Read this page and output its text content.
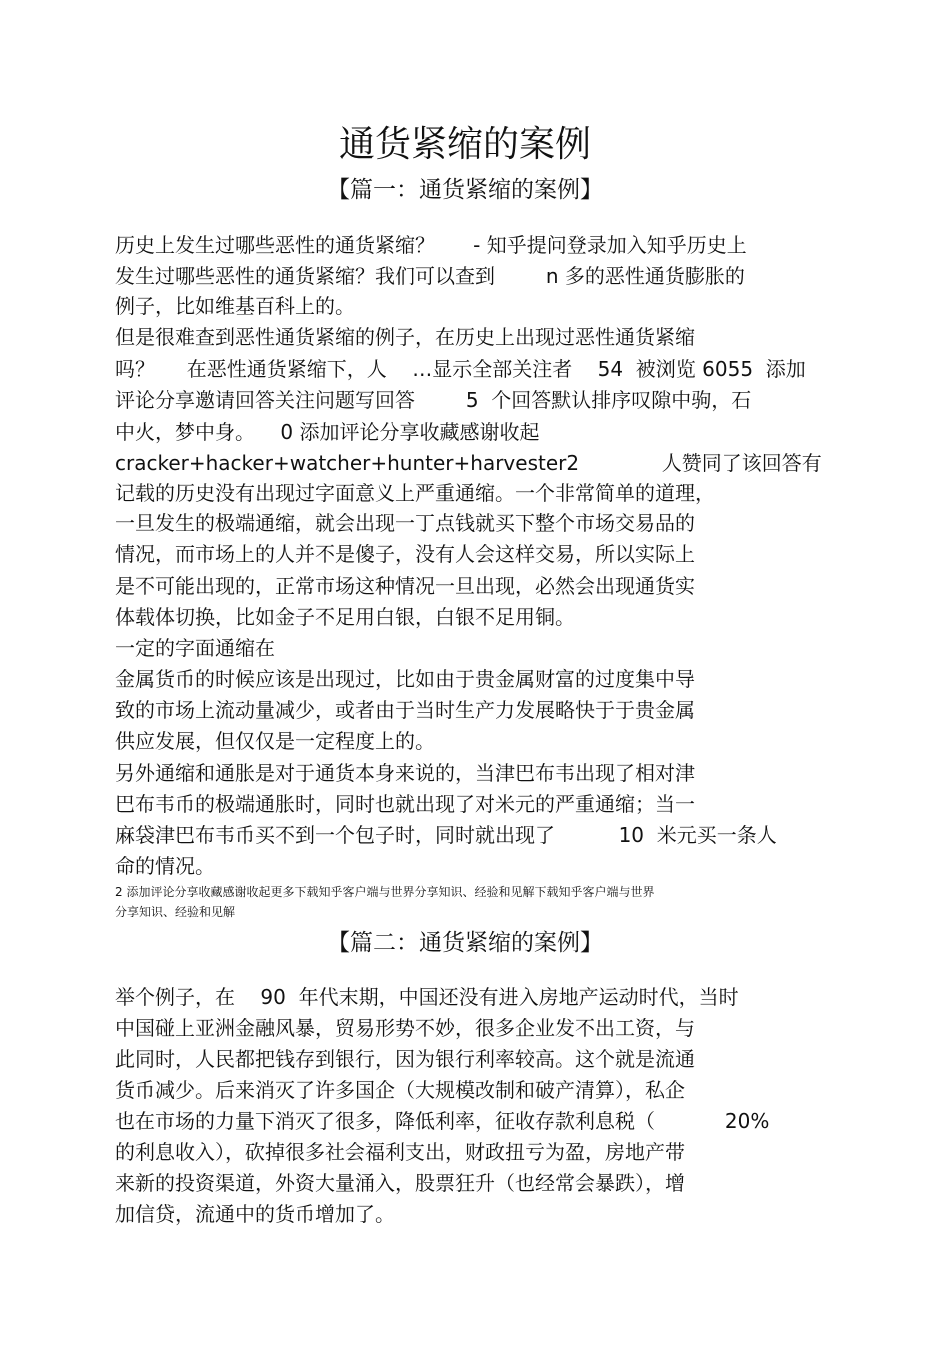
通货紧缩的案例
【篇一：通货紧缩的案例】
历史上发生过哪些恶性的通货紧缩？      - 知乎提问登录加入知乎历史上
发生过哪些恶性的通货紧缩？我们可以查到        n 多的恶性通货膨胀的
例子，比如维基百科上的。
但是很难查到恶性通货紧缩的例子，在历史上出现过恶性通货紧缩
吗？     在恶性通货紧缩下，人    …显示全部关注者    54  被浏览 6055  添加
评论分享邀请回答关注问题写回答        5  个回答默认排序叹隙中驹，石
中火，梦中身。    0 添加评论分享收藏感谢收起
cracker+hacker+watcher+hunter+harvester2             人赞同了该回答有
记载的历史没有出现过字面意义上严重通缩。一个非常简单的道理，
一旦发生的极端通缩，就会出现一丁点钱就买下整个市场交易品的
情况，而市场上的人并不是傻子，没有人会这样交易，所以实际上
是不可能出现的，正常市场这种情况一旦出现，必然会出现通货实
体载体切换，比如金子不足用白银，白银不足用铜。
一定的字面通缩在
金属货币的时候应该是出现过，比如由于贵金属财富的过度集中导
致的市场上流动量减少，或者由于当时生产力发展略快于于贵金属
供应发展，但仅仅是一定程度上的。
另外通缩和通胀是对于通货本身来说的，当津巴布韦出现了相对津
巴布韦币的极端通胀时，同时也就出现了对米元的严重通缩；当一
麻袋津巴布韦币买不到一个包子时，同时就出现了          10  米元买一条人
命的情况。
2 添加评论分享收藏感谢收起更多下载知乎客户端与世界分享知识、经验和见解下载知乎客户端与世界
分享知识、经验和见解
【篇二：通货紧缩的案例】
举个例子，在    90  年代末期，中国还没有进入房地产运动时代，当时
中国碰上亚洲金融风暴，贸易形势不妙，很多企业发不出工资，与
此同时，人民都把钱存到银行，因为银行利率较高。这个就是流通
货币减少。后来消灭了许多国企（大规模改制和破产清算），私企
也在市场的力量下消灭了很多，降低利率，征收存款利息税（           20%
的利息收入），砍掉很多社会福利支出，财政扭亏为盈，房地产带
来新的投资渠道，外资大量涌入，股票狂升（也经常会暴跌），增
加信贷，流通中的货币增加了。
